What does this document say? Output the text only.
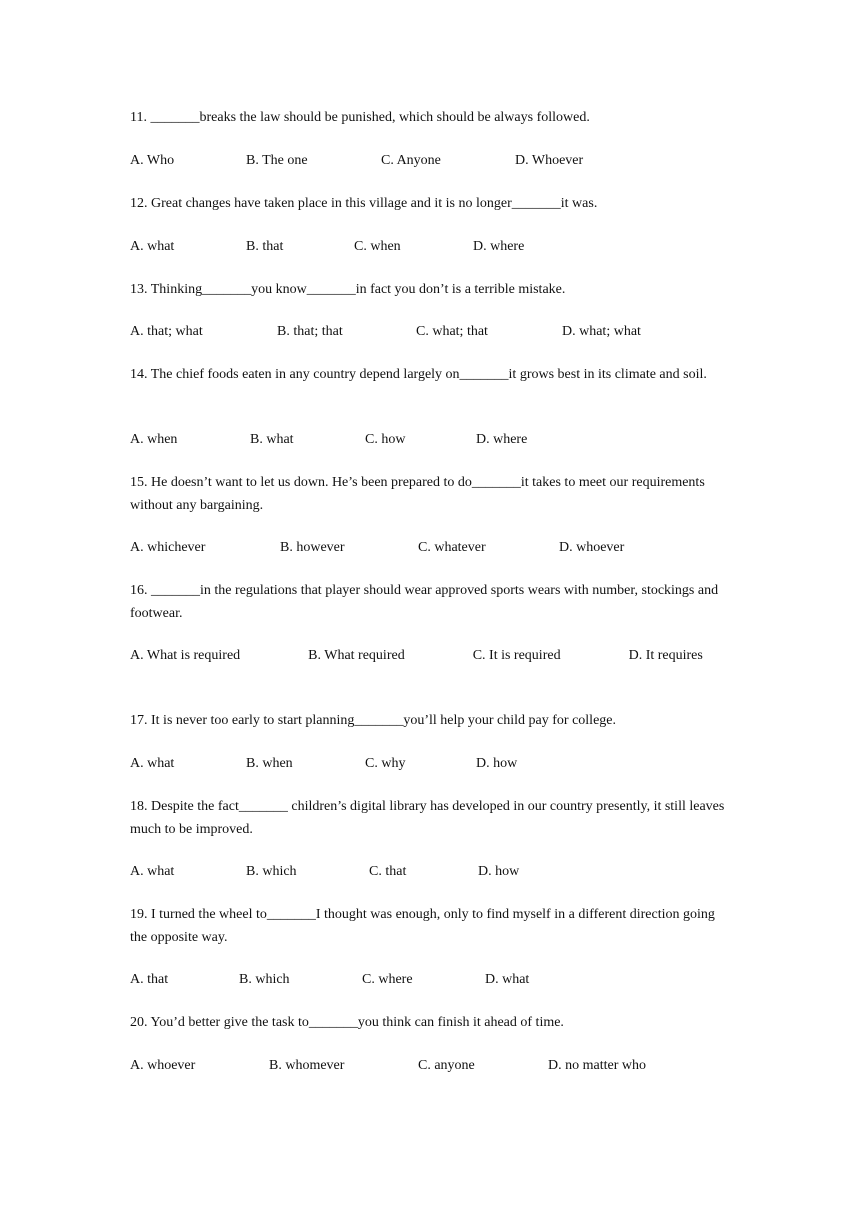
11. _______breaks the law should be punished, which should be always followed.
A. Who	B. The one	C. Anyone	D. Whoever
12. Great changes have taken place in this village and it is no longer_______it was.
A. what	B. that	C. when	D. where
13. Thinking_______you know_______in fact you don’t is a terrible mistake.
A. that; what	B. that; that	C. what; that	D. what; what
14. The chief foods eaten in any country depend largely on_______it grows best in its climate and soil.
A. when	B. what	C. how	D. where
15. He doesn’t want to let us down. He’s been prepared to do_______it takes to meet our requirements without any bargaining.
A. whichever	B. however	C. whatever	D. whoever
16. _______in the regulations that player should wear approved sports wears with number, stockings and footwear.
A. What is required	B. What required	C. It is required	D. It requires
17. It is never too early to start planning_______you’ll help your child pay for college.
A. what	B. when	C. why	D. how
18. Despite the fact_______ children’s digital library has developed in our country presently, it still leaves much to be improved.
A. what	B. which	C. that	D. how
19. I turned the wheel to_______I thought was enough, only to find myself in a different direction going the opposite way.
A. that	B. which	C. where	D. what
20. You’d better give the task to_______you think can finish it ahead of time.
A. whoever	B. whomever	C. anyone	D. no matter who
